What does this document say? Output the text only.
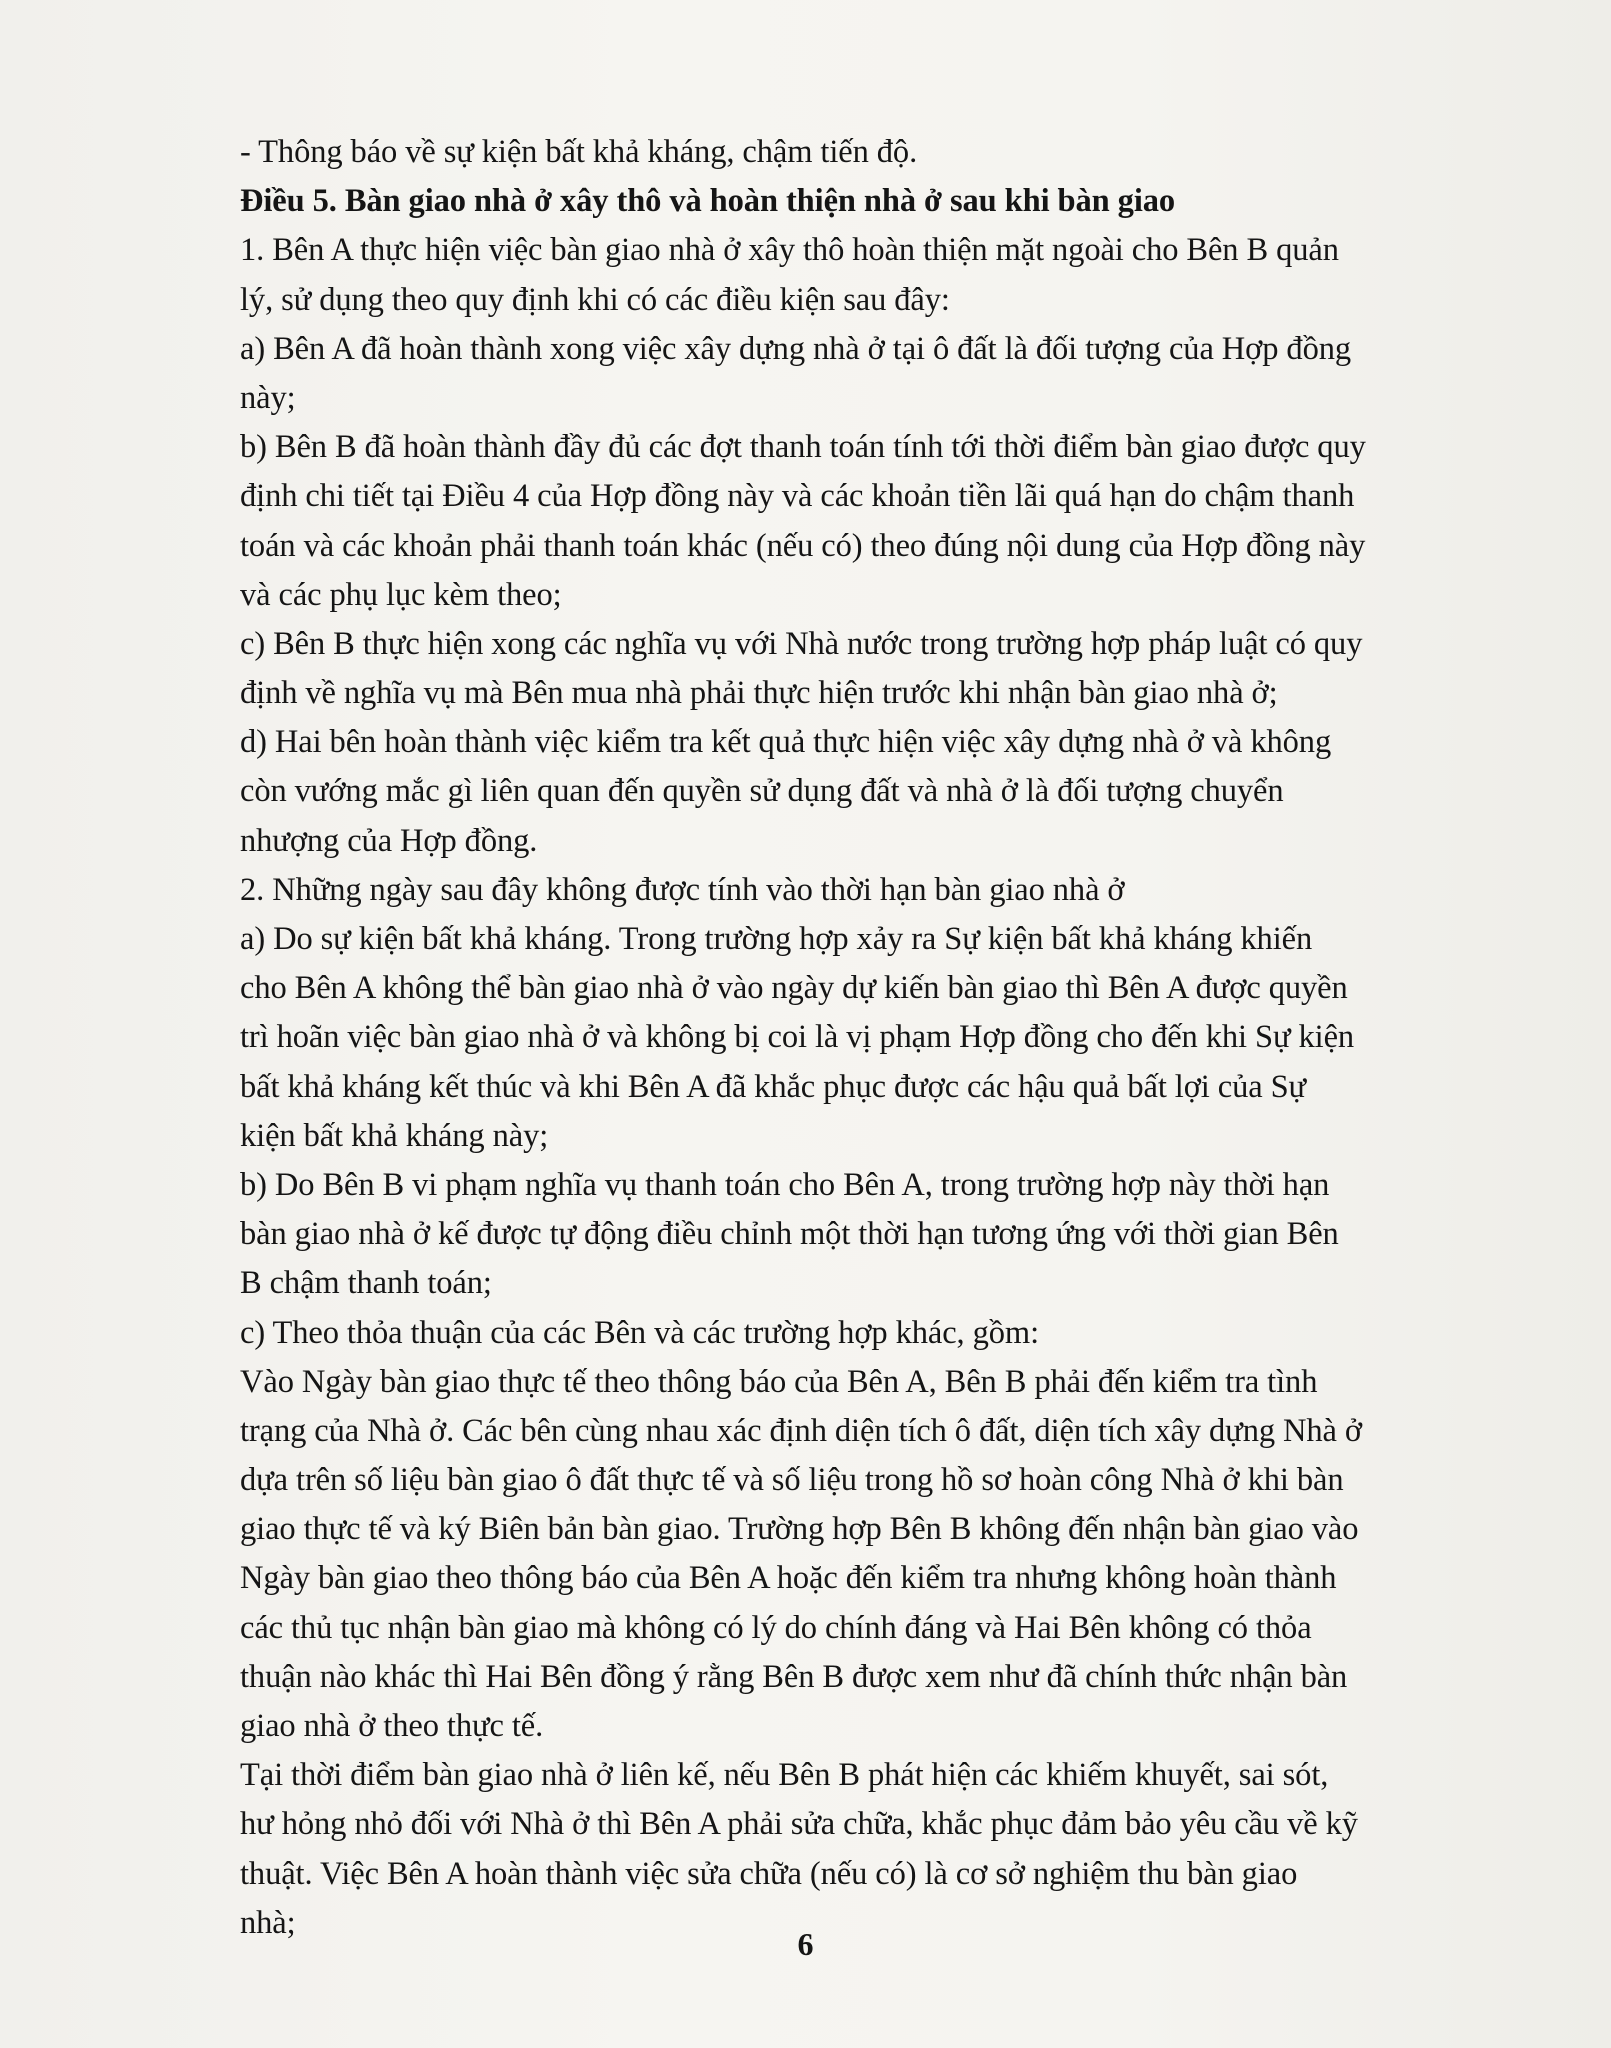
- Thông báo về sự kiện bất khả kháng, chậm tiến độ.
Điều 5. Bàn giao nhà ở xây thô và hoàn thiện nhà ở sau khi bàn giao
1. Bên A thực hiện việc bàn giao nhà ở xây thô hoàn thiện mặt ngoài cho Bên B quản
lý, sử dụng theo quy định khi có các điều kiện sau đây:
a) Bên A đã hoàn thành xong việc xây dựng nhà ở tại ô đất là đối tượng của Hợp đồng
này;
b) Bên B đã hoàn thành đầy đủ các đợt thanh toán tính tới thời điểm bàn giao được quy
định chi tiết tại Điều 4 của Hợp đồng này và các khoản tiền lãi quá hạn do chậm thanh
toán và các khoản phải thanh toán khác (nếu có) theo đúng nội dung của Hợp đồng này
và các phụ lục kèm theo;
c) Bên B thực hiện xong các nghĩa vụ với Nhà nước trong trường hợp pháp luật có quy
định về nghĩa vụ mà Bên mua nhà phải thực hiện trước khi nhận bàn giao nhà ở;
d) Hai bên hoàn thành việc kiểm tra kết quả thực hiện việc xây dựng nhà ở và không
còn vướng mắc gì liên quan đến quyền sử dụng đất và nhà ở là đối tượng chuyển
nhượng của Hợp đồng.
2. Những ngày sau đây không được tính vào thời hạn bàn giao nhà ở
a) Do sự kiện bất khả kháng. Trong trường hợp xảy ra Sự kiện bất khả kháng khiến
cho Bên A không thể bàn giao nhà ở vào ngày dự kiến bàn giao thì Bên A được quyền
trì hoãn việc bàn giao nhà ở và không bị coi là vị phạm Hợp đồng cho đến khi Sự kiện
bất khả kháng kết thúc và khi Bên A đã khắc phục được các hậu quả bất lợi của Sự
kiện bất khả kháng này;
b) Do Bên B vi phạm nghĩa vụ thanh toán cho Bên A, trong trường hợp này thời hạn
bàn giao nhà ở kế được tự động điều chỉnh một thời hạn tương ứng với thời gian Bên
B chậm thanh toán;
c) Theo thỏa thuận của các Bên và các trường hợp khác, gồm:
Vào Ngày bàn giao thực tế theo thông báo của Bên A, Bên B phải đến kiểm tra tình
trạng của Nhà ở. Các bên cùng nhau xác định diện tích ô đất, diện tích xây dựng Nhà ở
dựa trên số liệu bàn giao ô đất thực tế và số liệu trong hồ sơ hoàn công Nhà ở khi bàn
giao thực tế và ký Biên bản bàn giao. Trường hợp Bên B không đến nhận bàn giao vào
Ngày bàn giao theo thông báo của Bên A hoặc đến kiểm tra nhưng không hoàn thành
các thủ tục nhận bàn giao mà không có lý do chính đáng và Hai Bên không có thỏa
thuận nào khác thì Hai Bên đồng ý rằng Bên B được xem như đã chính thức nhận bàn
giao nhà ở theo thực tế.
Tại thời điểm bàn giao nhà ở liên kế, nếu Bên B phát hiện các khiếm khuyết, sai sót,
hư hỏng nhỏ đối với Nhà ở thì Bên A phải sửa chữa, khắc phục đảm bảo yêu cầu về kỹ
thuật. Việc Bên A hoàn thành việc sửa chữa (nếu có) là cơ sở nghiệm thu bàn giao
nhà;
6
